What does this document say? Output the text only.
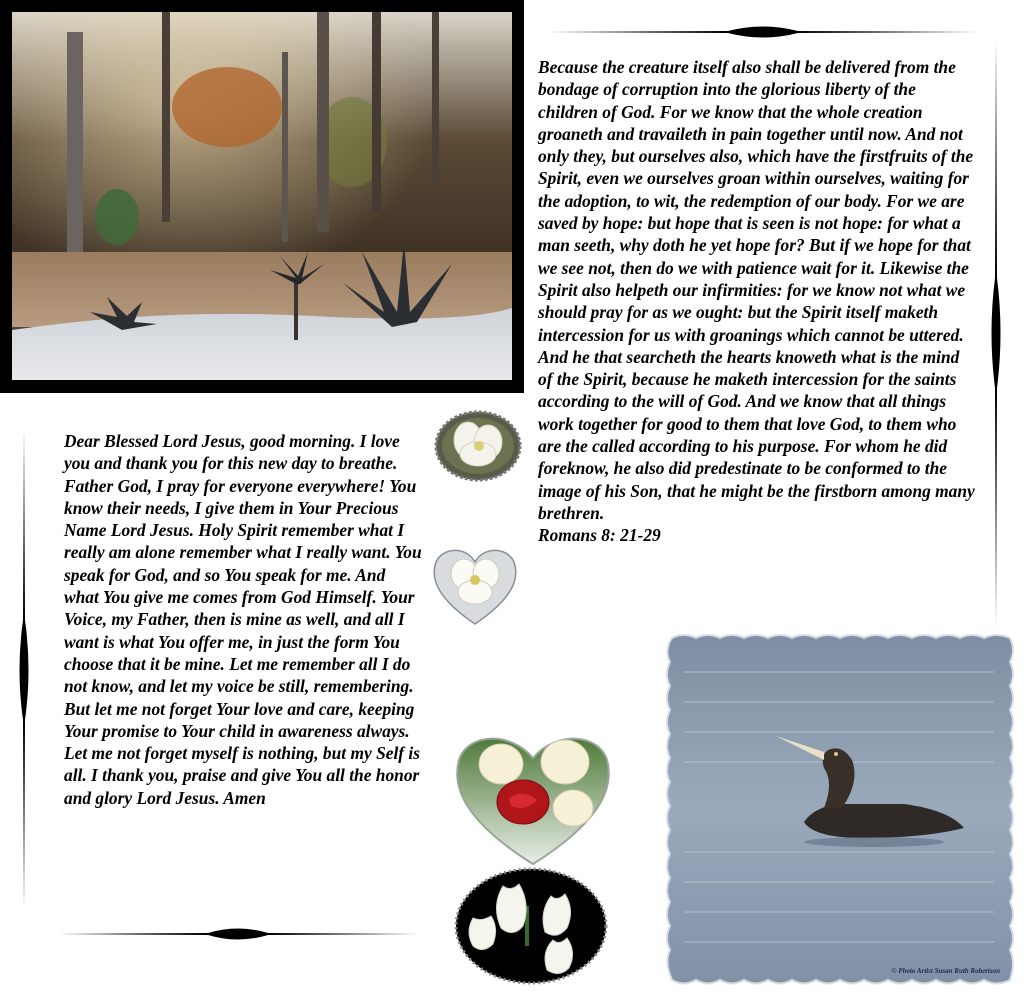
Because the creature itself also shall be delivered from the bondage of corruption into the glorious liberty of the children of God. For we know that the whole creation groaneth and travaileth in pain together until now. And not only they, but ourselves also, which have the firstfruits of the Spirit, even we ourselves groan within ourselves, waiting for the adoption, to wit, the redemption of our body. For we are saved by hope: but hope that is seen is not hope: for what a man seeth, why doth he yet hope for? But if we hope for that we see not, then do we with patience wait for it. Likewise the Spirit also helpeth our infirmities: for we know not what we should pray for as we ought: but the Spirit itself maketh intercession for us with groanings which cannot be uttered. And he that searcheth the hearts knoweth what is the mind of the Spirit, because he maketh intercession for the saints according to the will of God. And we know that all things work together for good to them that love God, to them who are the called according to his purpose. For whom he did foreknow, he also did predestinate to be conformed to the image of his Son, that he might be the firstborn among many brethren.

Romans 8: 21-29
Dear Blessed Lord Jesus, good morning. I love you and thank you for this new day to breathe. Father God, I pray for everyone everywhere! You know their needs, I give them in Your Precious Name Lord Jesus. Holy Spirit remember what I really am alone remember what I really want. You speak for God, and so You speak for me. And what You give me comes from God Himself. Your Voice, my Father, then is mine as well, and all I want is what You offer me, in just the form You choose that it be mine. Let me remember all I do not know, and let my voice be still, remembering. But let me not forget Your love and care, keeping Your promise to Your child in awareness always. Let me not forget myself is nothing, but my Self is all. I thank you, praise and give You all the honor and glory Lord Jesus. Amen
© Photo Artist Susan Ruth Robertson
